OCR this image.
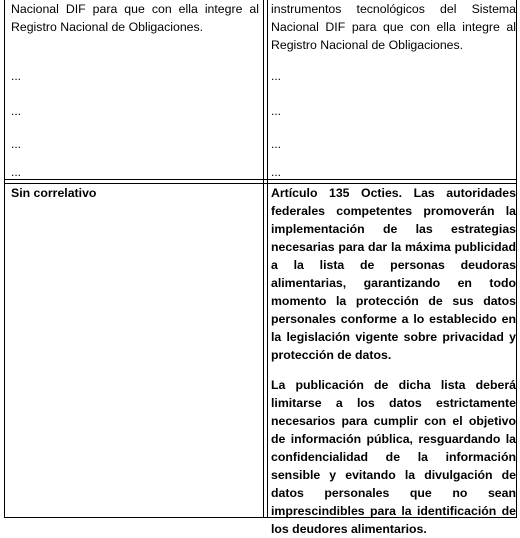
Nacional DIF para que con ella integre al Registro Nacional de Obligaciones.

...
...
...
...

instrumentos tecnológicos del Sistema Nacional DIF para que con ella integre al Registro Nacional de Obligaciones.

...
...
...
...

Sin correlativo	Artículo 135 Octies. Las autoridades federales competentes promoverán la implementación de las estrategias necesarias para dar la máxima publicidad a la lista de personas deudoras alimentarias, garantizando en todo momento la protección de sus datos personales conforme a lo establecido en la legislación vigente sobre privacidad y protección de datos.

La publicación de dicha lista deberá limitarse a los datos estrictamente necesarios para cumplir con el objetivo de información pública, resguardando la confidencialidad de la información sensible y evitando la divulgación de datos personales que no sean imprescindibles para la identificación de los deudores alimentarios.
